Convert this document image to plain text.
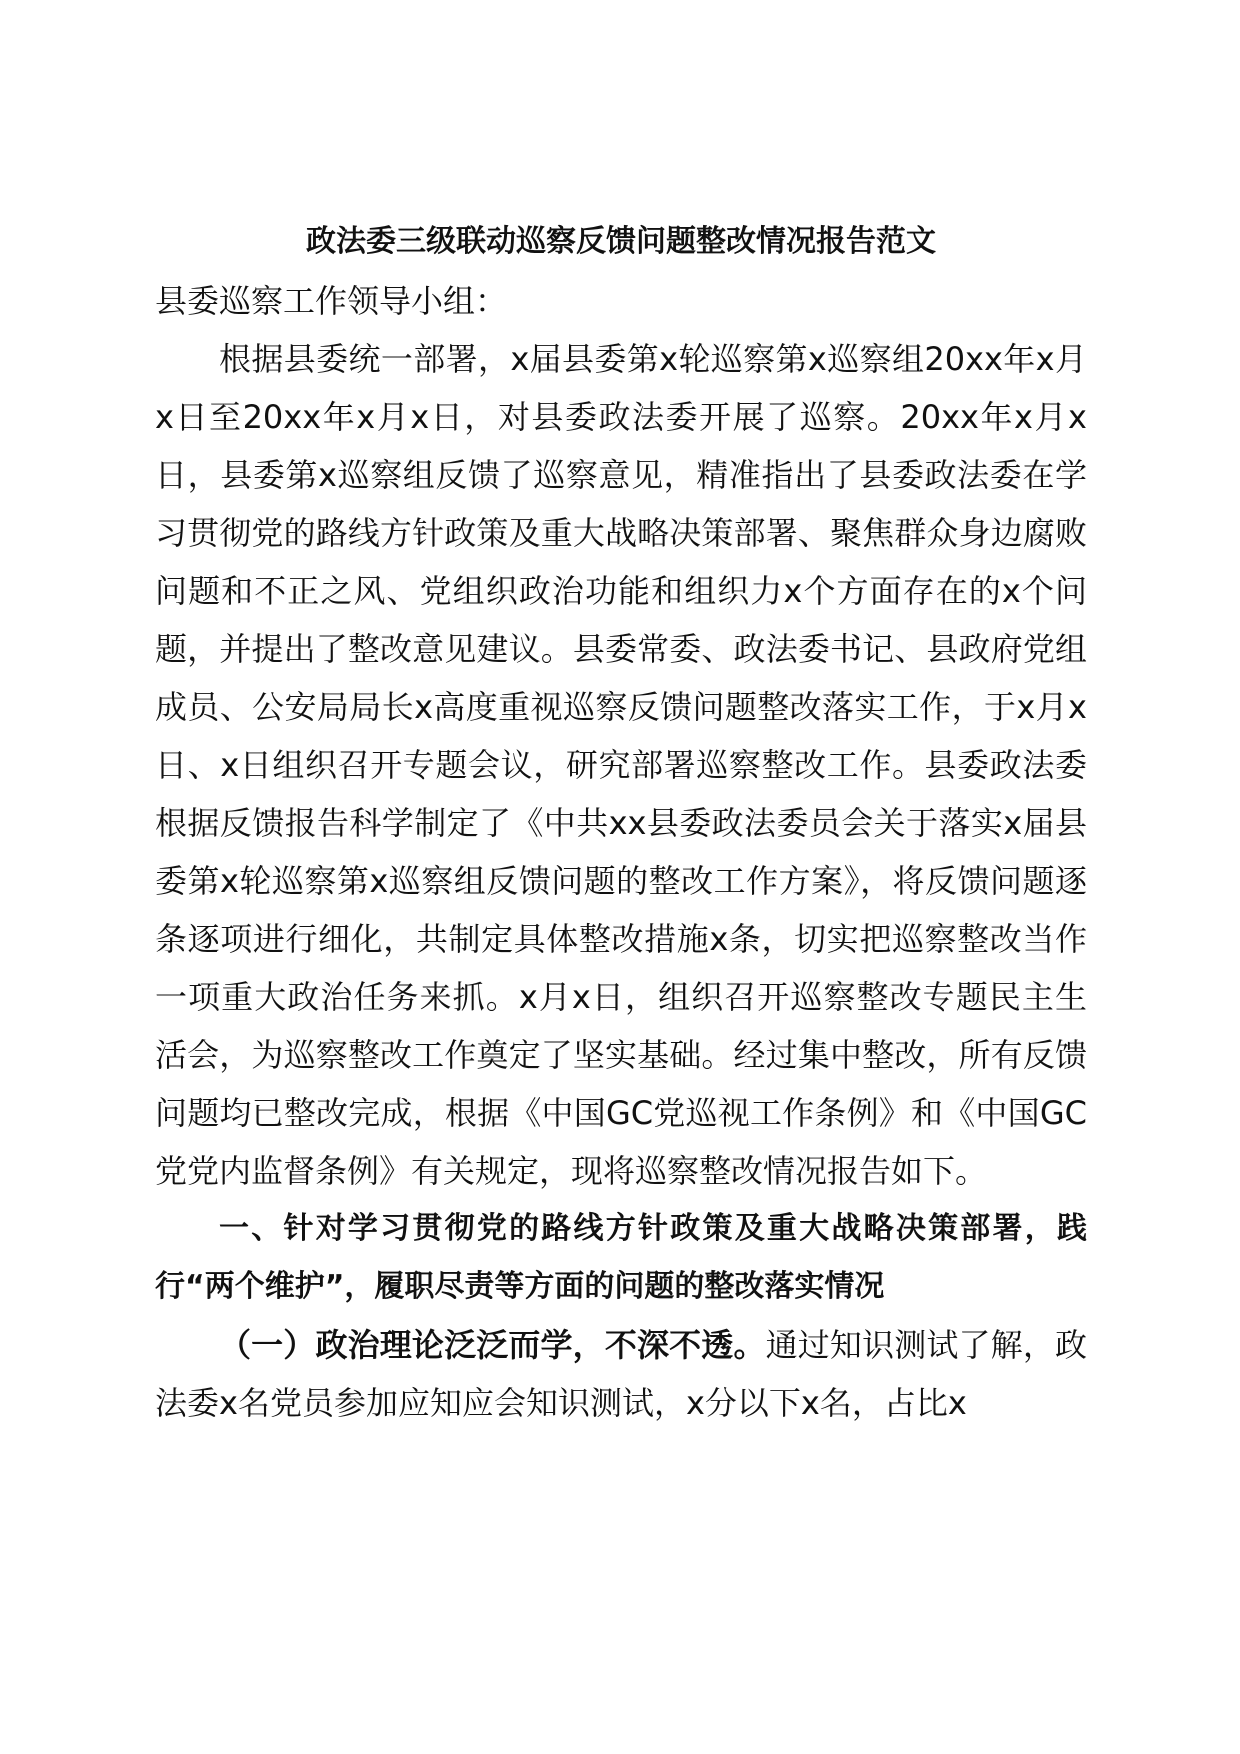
政法委三级联动巡察反馈问题整改情况报告范文

县委巡察工作领导小组：

根据县委统一部署，x届县委第x轮巡察第x巡察组20xx年x月x日至20xx年x月x日，对县委政法委开展了巡察。20xx年x月x日，县委第x巡察组反馈了巡察意见，精准指出了县委政法委在学习贯彻党的路线方针政策及重大战略决策部署、聚焦群众身边腐败问题和不正之风、党组织政治功能和组织力x个方面存在的x个问题，并提出了整改意见建议。县委常委、政法委书记、县政府党组成员、公安局局长x高度重视巡察反馈问题整改落实工作，于x月x日、x日组织召开专题会议，研究部署巡察整改工作。县委政法委根据反馈报告科学制定了《中共xx县委政法委员会关于落实x届县委第x轮巡察第x巡察组反馈问题的整改工作方案》，将反馈问题逐条逐项进行细化，共制定具体整改措施x条，切实把巡察整改当作一项重大政治任务来抓。x月x日，组织召开巡察整改专题民主生活会，为巡察整改工作奠定了坚实基础。经过集中整改，所有反馈问题均已整改完成，根据《中国GC党巡视工作条例》和《中国GC党党内监督条例》有关规定，现将巡察整改情况报告如下。

一、针对学习贯彻党的路线方针政策及重大战略决策部署，践行“两个维护”，履职尽责等方面的问题的整改落实情况

（一）政治理论泛泛而学，不深不透。通过知识测试了解，政法委x名党员参加应知应会知识测试，x分以下x名，占比x
